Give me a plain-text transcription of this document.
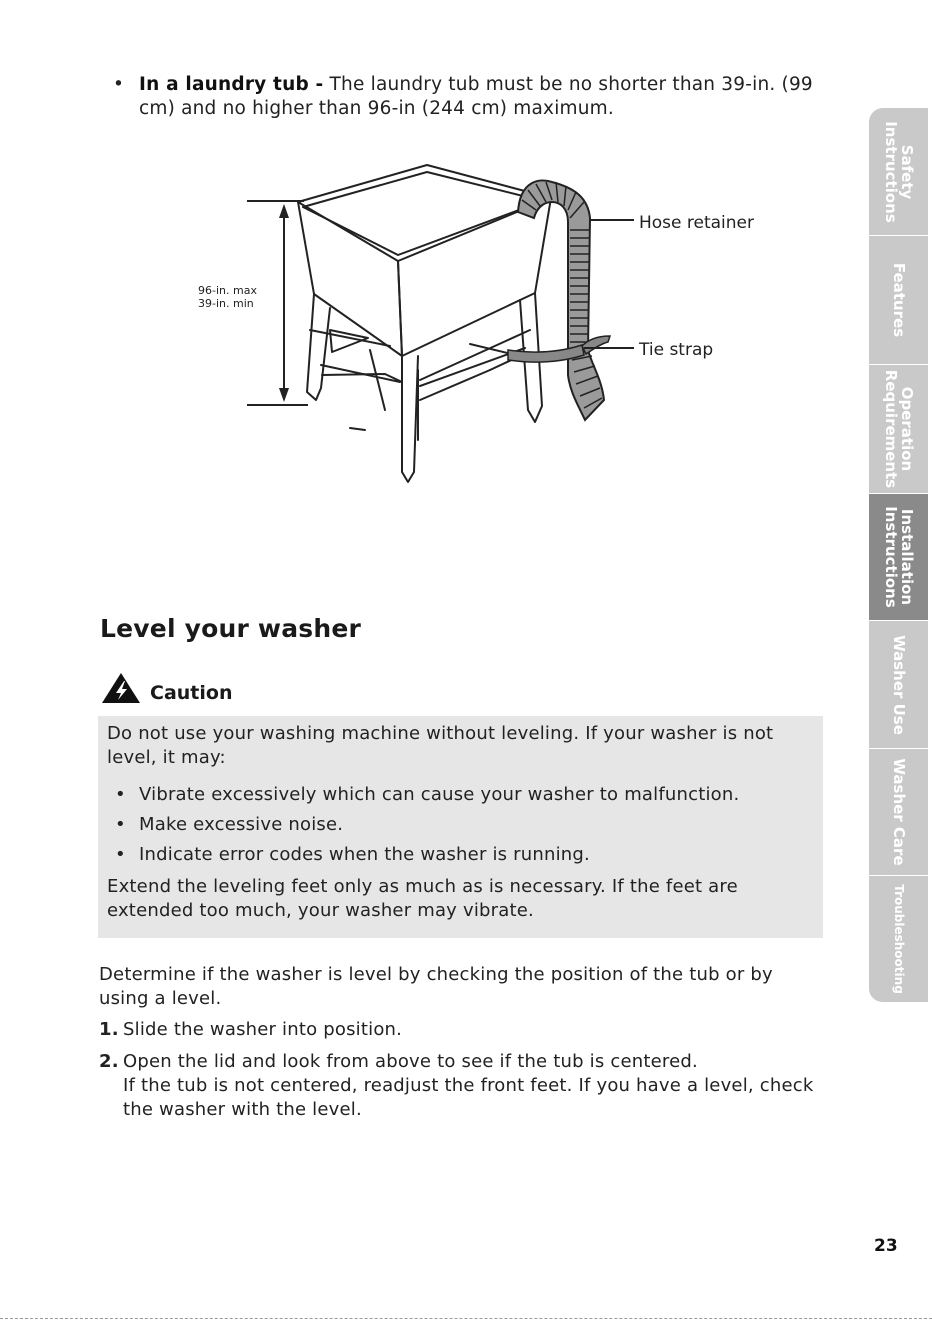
• In a laundry tub - The laundry tub must be no shorter than 39-in. (99 cm) and no higher than 96-in (244 cm) maximum.
96-in. max
39-in. min
Hose retainer
Tie strap
Level your washer
Caution
Do not use your washing machine without leveling. If your washer is not level, it may:
• Vibrate excessively which can cause your washer to malfunction.
• Make excessive noise.
• Indicate error codes when the washer is running.
Extend the leveling feet only as much as is necessary. If the feet are extended too much, your washer may vibrate.
Determine if the washer is level by checking the position of the tub or by using a level.
1. Slide the washer into position.
2. Open the lid and look from above to see if the tub is centered.
If the tub is not centered, readjust the front feet. If you have a level, check the washer with the level.
Safety
Instructions
Features
Operation
Requirements
Installation
Instructions
Washer Use
Washer Care
Troubleshooting
23
